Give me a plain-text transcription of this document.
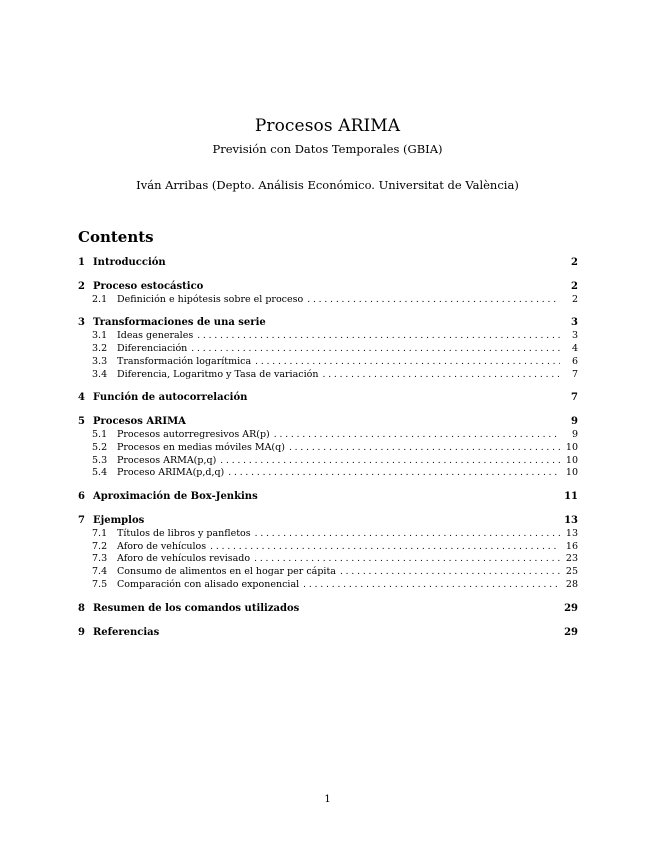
Procesos ARIMA
Previsión con Datos Temporales (GBIA)
Iván Arribas (Depto. Análisis Económico. Universitat de València)
Contents
1 Introducción	2
2 Proceso estocástico	2
2.1	Definición e hipótesis sobre el proceso . . .	2
3 Transformaciones de una serie	3
3.1	Ideas generales . . .	3
3.2	Diferenciación . . .	4
3.3	Transformación logarítmica . . .	6
3.4	Diferencia, Logaritmo y Tasa de variación . . .	7
4 Función de autocorrelación	7
5 Procesos ARIMA	9
5.1	Procesos autorregresivos AR(p) . . .	9
5.2	Procesos en medias móviles MA(q) . . .	10
5.3	Procesos ARMA(p,q) . . .	10
5.4	Proceso ARIMA(p,d,q) . . .	10
6 Aproximación de Box-Jenkins	11
7 Ejemplos	13
7.1	Títulos de libros y panfletos . . .	13
7.2	Aforo de vehículos . . .	16
7.3	Aforo de vehículos revisado . . .	23
7.4	Consumo de alimentos en el hogar per cápita . . .	25
7.5	Comparación con alisado exponencial . . .	28
8 Resumen de los comandos utilizados	29
9 Referencias	29
1
